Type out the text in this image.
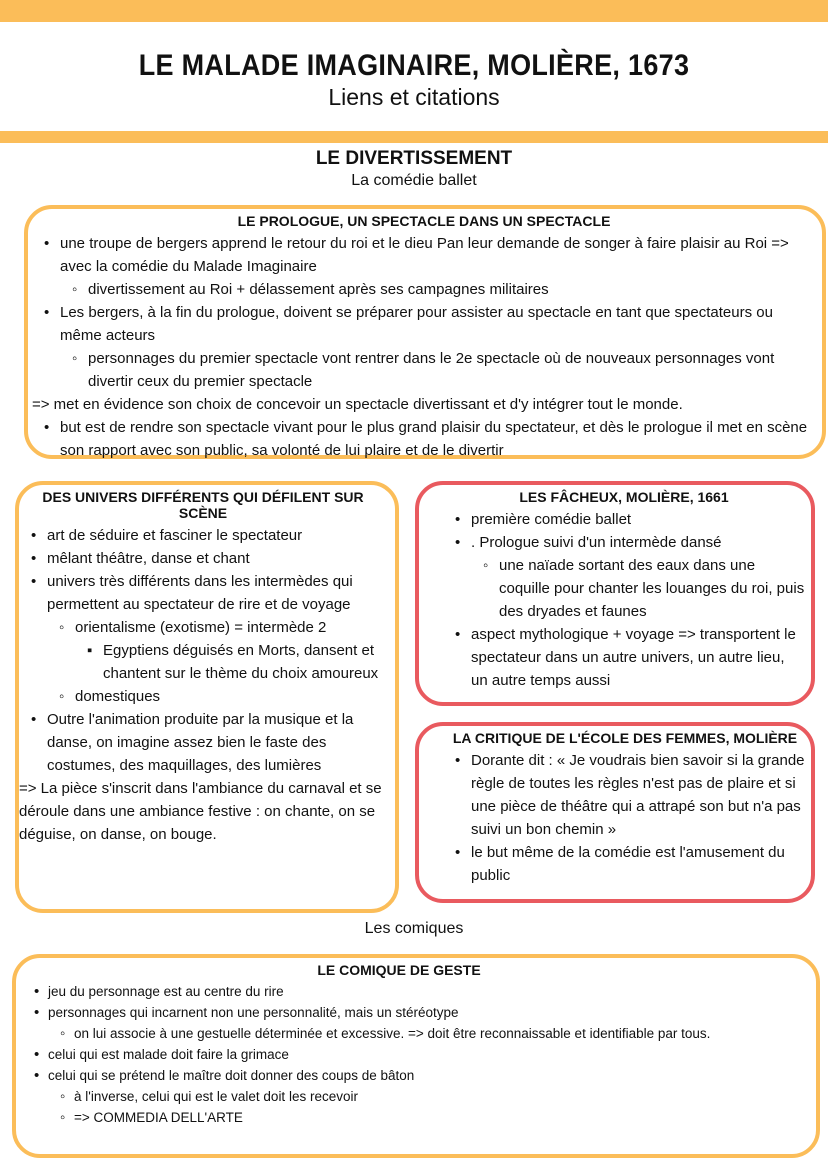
LE MALADE IMAGINAIRE, MOLIÈRE, 1673
Liens et citations
LE DIVERTISSEMENT
La comédie ballet
LE PROLOGUE, UN SPECTACLE DANS UN SPECTACLE
• une troupe de bergers apprend le retour du roi et le dieu Pan leur demande de songer à faire plaisir au Roi => avec la comédie du Malade Imaginaire
◦ divertissement au Roi + délassement après ses campagnes militaires
• Les bergers, à la fin du prologue, doivent se préparer pour assister au spectacle en tant que spectateurs ou même acteurs
◦ personnages du premier spectacle vont rentrer dans le 2e spectacle où de nouveaux personnages vont divertir ceux du premier spectacle
=> met en évidence son choix de concevoir un spectacle divertissant et d'y intégrer tout le monde.
• but est de rendre son spectacle vivant pour le plus grand plaisir du spectateur, et dès le prologue il met en scène son rapport avec son public, sa volonté de lui plaire et de le divertir
DES UNIVERS DIFFÉRENTS QUI DÉFILENT SUR SCÈNE
• art de séduire et fasciner le spectateur
• mêlant théâtre, danse et chant
• univers très différents dans les intermèdes qui permettent au spectateur de rire et de voyage
◦ orientalisme (exotisme) = intermède 2
▪ Egyptiens déguisés en Morts, dansent et chantent sur le thème du choix amoureux
◦ domestiques
• Outre l'animation produite par la musique et la danse, on imagine assez bien le faste des costumes, des maquillages, des lumières
=> La pièce s'inscrit dans l'ambiance du carnaval et se déroule dans une ambiance festive : on chante, on se déguise, on danse, on bouge.
LES FÂCHEUX, MOLIÈRE, 1661
• première comédie ballet
• . Prologue suivi d'un intermède dansé
◦ une naïade sortant des eaux dans une coquille pour chanter les louanges du roi, puis des dryades et faunes
• aspect mythologique + voyage => transportent le spectateur dans un autre univers, un autre lieu, un autre temps aussi
LA CRITIQUE DE L'ÉCOLE DES FEMMES, MOLIÈRE
• Dorante dit : « Je voudrais bien savoir si la grande règle de toutes les règles n'est pas de plaire et si une pièce de théâtre qui a attrapé son but n'a pas suivi un bon chemin »
• le but même de la comédie est l'amusement du public
Les comiques
LE COMIQUE DE GESTE
• jeu du personnage est au centre du rire
• personnages qui incarnent non une personnalité, mais un stéréotype
◦ on lui associe à une gestuelle déterminée et excessive. => doit être reconnaissable et identifiable par tous.
• celui qui est malade doit faire la grimace
• celui qui se prétend le maître doit donner des coups de bâton
◦ à l'inverse, celui qui est le valet doit les recevoir
◦ => COMMEDIA DELL'ARTE
